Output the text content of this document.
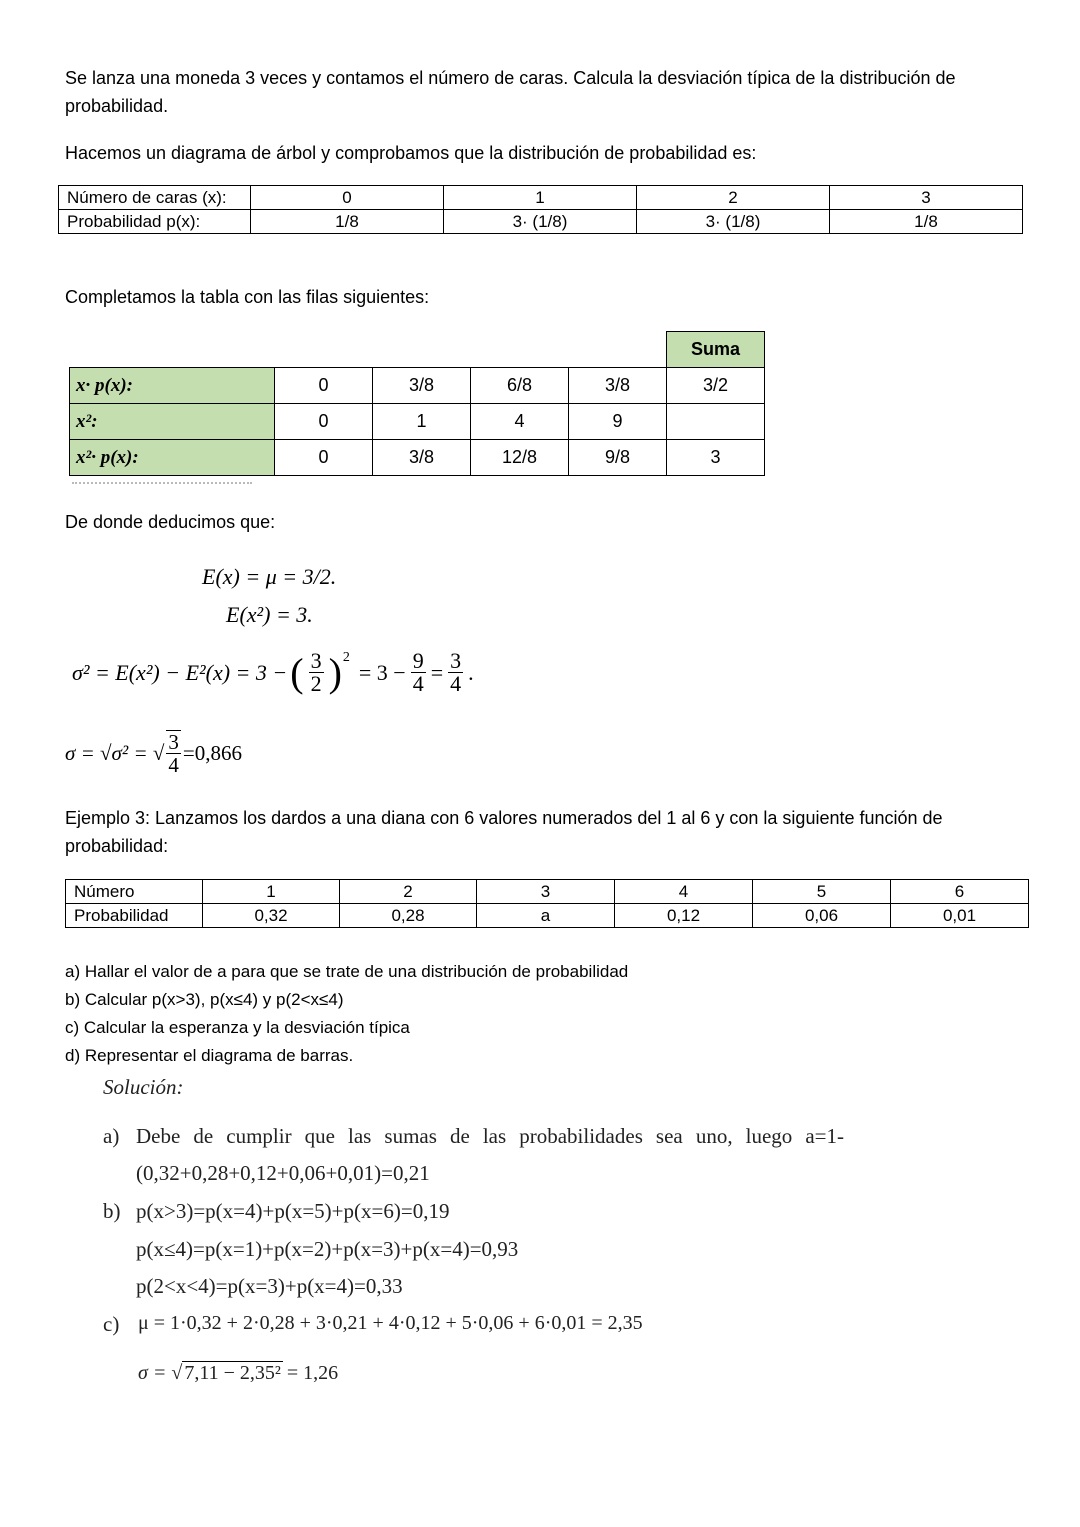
Se lanza una moneda 3 veces y contamos el número de caras. Calcula la desviación típica de la distribución de

probabilidad.

Hacemos un diagrama de árbol y comprobamos que la distribución de probabilidad es:

Número de caras (x):	0	1	2	3
Probabilidad p(x):	1/8	3· (1/8)	3· (1/8)	1/8

Completamos la tabla con las filas siguientes:

					Suma
x· p(x):	0	3/8	6/8	3/8	3/2
x²:	0	1	4	9	
x²· p(x):	0	3/8	12/8	9/8	3

De donde deducimos que:

E(x) = μ = 3/2.

E(x²) = 3.

σ² = E(x²) − E²(x) = 3 − ( $\frac{3}{2}$ ) 2
= $3 - \frac{9}{4} = \frac{3}{4}$ .
σ = √σ² = √ $\frac{3}{4} =0,866$

Ejemplo 3: Lanzamos los dardos a una diana con 6 valores numerados del 1 al 6 y con la siguiente función de

probabilidad:

Número	1	2	3	4	5	6
Probabilidad	0,32	0,28	a	0,12	0,06	0,01

a) Hallar el valor de a para que se trate de una distribución de probabilidad

b) Calcular p(x>3), p(x≤4) y p(2<x≤4)

c) Calcular la esperanza y la desviación típica

d) Representar el diagrama de barras.

Solución:

a) Debe de cumplir que las sumas de las probabilidades sea uno, luego a=1-

(0,32+0,28+0,12+0,06+0,01)=0,21

b) p(x>3)=p(x=4)+p(x=5)+p(x=6)=0,19

p(x≤4)=p(x=1)+p(x=2)+p(x=3)+p(x=4)=0,93

p(2<x<4)=p(x=3)+p(x=4)=0,33

c) μ = 1·0,32 + 2·0,28 + 3·0,21 + 4·0,12 + 5·0,06 + 6·0,01 = 2,35

σ = √ 7,11 − 2,35² = 1,26
